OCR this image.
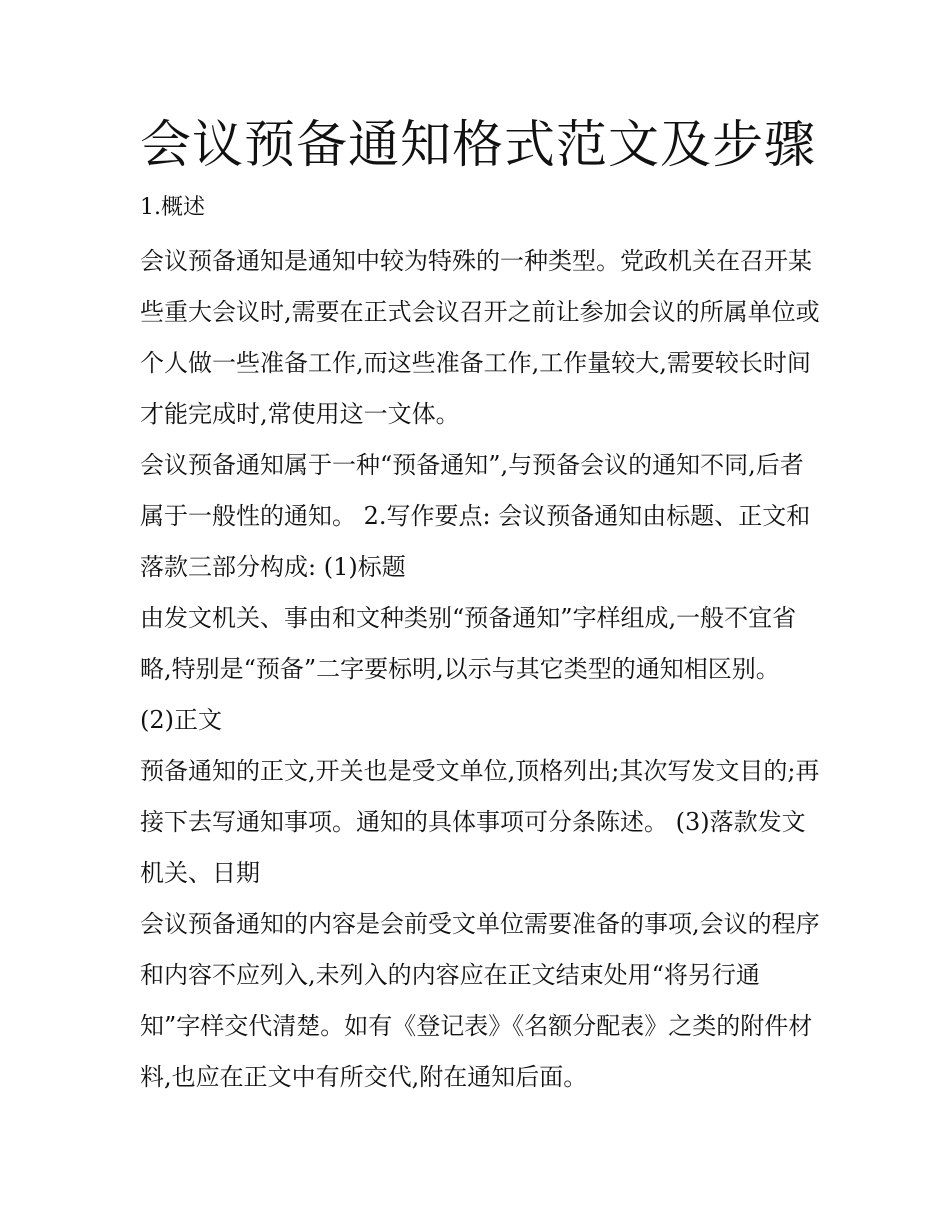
会议预备通知格式范文及步骤
1.概述

会议预备通知是通知中较为特殊的一种类型。党政机关在召开某些重大会议时,需要在正式会议召开之前让参加会议的所属单位或个人做一些准备工作,而这些准备工作,工作量较大,需要较长时间才能完成时,常使用这一文体。

会议预备通知属于一种“预备通知”,与预备会议的通知不同,后者属于一般性的通知。 2.写作要点: 会议预备通知由标题、正文和落款三部分构成: (1)标题

由发文机关、事由和文种类别“预备通知”字样组成,一般不宜省略,特别是“预备”二字要标明,以示与其它类型的通知相区别。 (2)正文

预备通知的正文,开关也是受文单位,顶格列出;其次写发文目的;再接下去写通知事项。通知的具体事项可分条陈述。 (3)落款发文机关、日期

会议预备通知的内容是会前受文单位需要准备的事项,会议的程序和内容不应列入,未列入的内容应在正文结束处用“将另行通知”字样交代清楚。如有《登记表》《名额分配表》之类的附件材料,也应在正文中有所交代,附在通知后面。
